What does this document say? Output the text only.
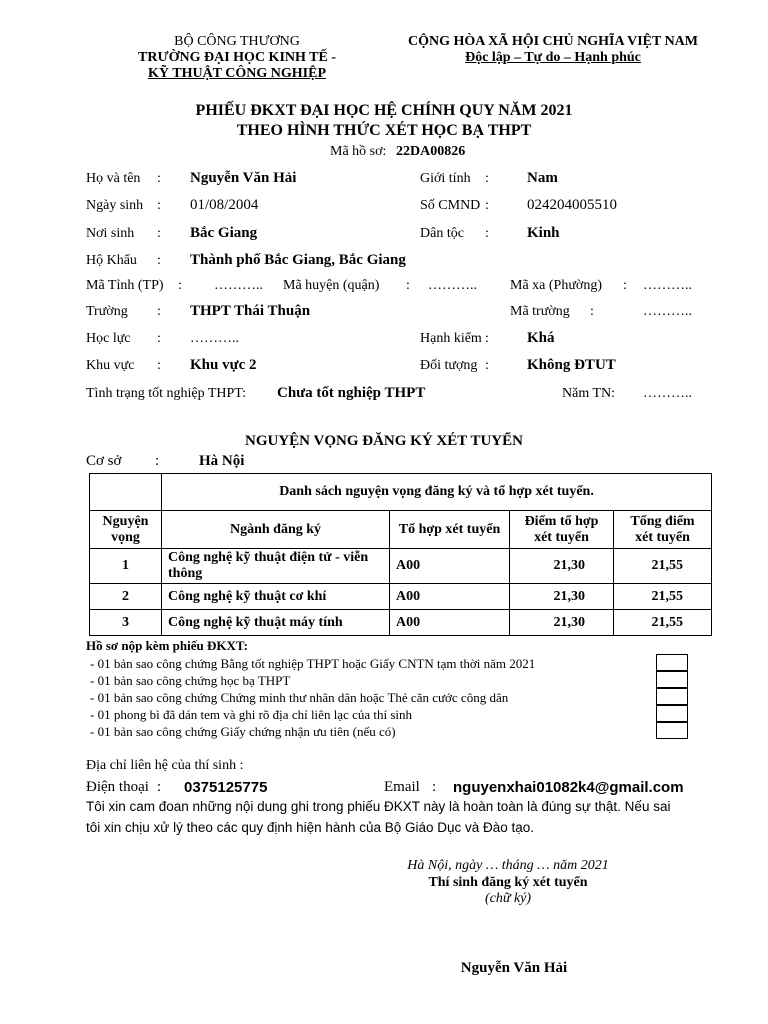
BỘ CÔNG THƯƠNG
TRƯỜNG ĐẠI HỌC KINH TẾ -
KỸ THUẬT CÔNG NGHIỆP
CỘNG HÒA XÃ HỘI CHỦ NGHĨA VIỆT NAM
Độc lập – Tự do – Hạnh phúc
PHIẾU ĐKXT ĐẠI HỌC HỆ CHÍNH QUY NĂM 2021
THEO HÌNH THỨC XÉT HỌC BẠ THPT
Mã hồ sơ: 22DA00826
Họ và tên : Nguyễn Văn Hải	Giới tính :	Nam
Ngày sinh : 01/08/2004	Số CMND :	024204005510
Nơi sinh : Bắc Giang	Dân tộc :	Kinh
Hộ Khẩu : Thành phố Bắc Giang, Bắc Giang
Mã Tỉnh (TP) : ……….. Mã huyện (quận) : ……….. Mã xa (Phường) : ………..
Trường : THPT Thái Thuận	Mã trường :	………..
Học lực : ………..	Hạnh kiểm :	Khá
Khu vực : Khu vực 2	Đối tượng :	Không ĐTUT
Tình trạng tốt nghiệp THPT: Chưa tốt nghiệp THPT	Năm TN: ………..
NGUYỆN VỌNG ĐĂNG KÝ XÉT TUYỂN
Cơ sở :	Hà Nội
	Danh sách nguyện vọng đăng ký và tổ hợp xét tuyển.			
Nguyện vọng	Ngành đăng ký	Tổ hợp xét tuyển	Điểm tổ hợp xét tuyển	Tổng điểm xét tuyển
1	Công nghệ kỹ thuật điện tử - viễn thông	A00	21,30	21,55
2	Công nghệ kỹ thuật cơ khí	A00	21,30	21,55
3	Công nghệ kỹ thuật máy tính	A00	21,30	21,55
Hồ sơ nộp kèm phiếu ĐKXT:
- 01 bản sao công chứng Bằng tốt nghiệp THPT hoặc Giấy CNTN tạm thời năm 2021
- 01 bản sao công chứng học bạ THPT
- 01 bản sao công chứng Chứng minh thư nhân dân hoặc Thẻ căn cước công dân
- 01 phong bì đã dán tem và ghi rõ địa chỉ liên lạc của thí sinh
- 01 bản sao công chứng Giấy chứng nhận ưu tiên (nếu có)
Địa chỉ liên hệ của thí sinh :
Điện thoại : 0375125775	Email : nguyenxhai01082k4@gmail.com
Tôi xin cam đoan những nội dung ghi trong phiếu ĐKXT này là hoàn toàn là đúng sự thật. Nếu sai
tôi xin chịu xử lý theo các quy định hiện hành của Bộ Giáo Dục và Đào tạo.
Hà Nội, ngày … tháng … năm 2021
Thí sinh đăng ký xét tuyển
(chữ ký)
Nguyễn Văn Hải
